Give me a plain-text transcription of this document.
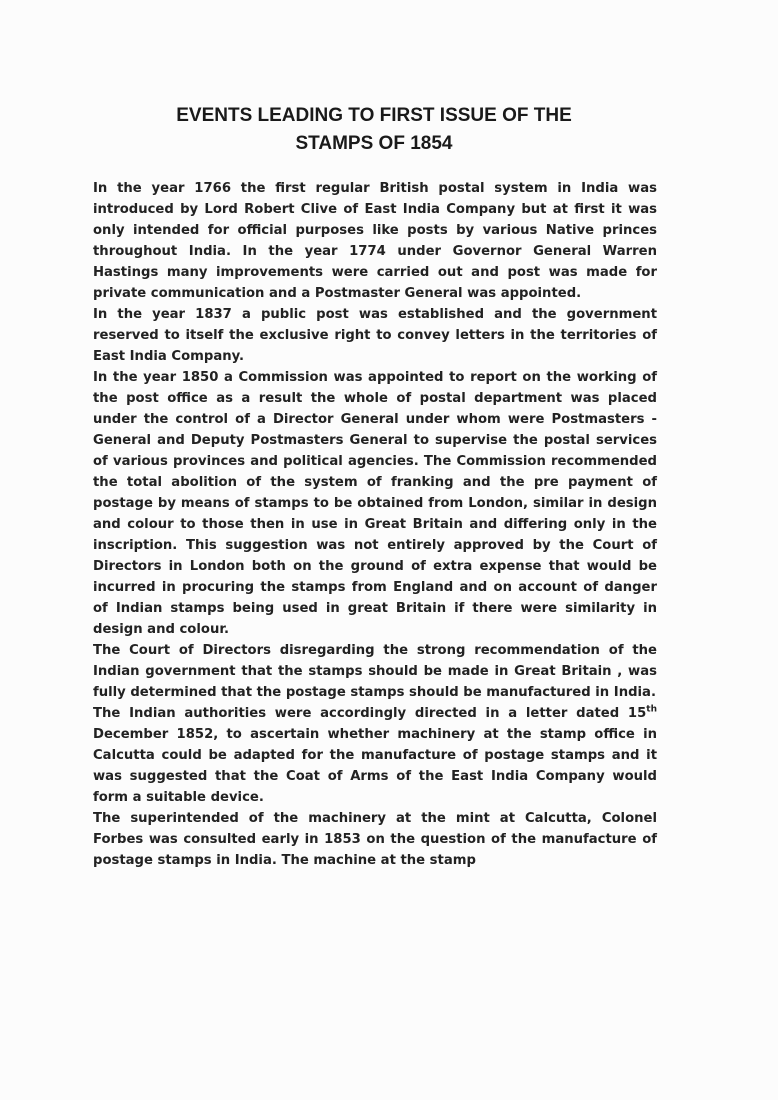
EVENTS LEADING TO FIRST ISSUE OF THE
STAMPS OF 1854

In the year 1766 the first regular British postal system in India was introduced by Lord Robert Clive of East India Company but at first it was only intended for official purposes like posts by various Native princes throughout India. In the year 1774 under Governor General Warren Hastings many improvements were carried out and post was made for private communication and a Postmaster General was appointed.

In the year 1837 a public post was established and the government reserved to itself the exclusive right to convey letters in the territories of East India Company.

In the year 1850 a Commission was appointed to report on the working of the post office as a result the whole of postal department was placed under the control of a Director General under whom were Postmasters - General and Deputy Postmasters General to supervise the postal services of various provinces and political agencies. The Commission recommended the total abolition of the system of franking and the pre payment of postage by means of stamps to be obtained from London, similar in design and colour to those then in use in Great Britain and differing only in the inscription. This suggestion was not entirely approved by the Court of Directors in London both on the ground of extra expense that would be incurred in procuring the stamps from England and on account of danger of Indian stamps being used in great Britain if there were similarity in design and colour.

The Court of Directors disregarding the strong recommendation of the Indian government that the stamps should be made in Great Britain , was fully determined that the postage stamps should be manufactured in India.

The Indian authorities were accordingly directed in a letter dated 15th December 1852, to ascertain whether machinery at the stamp office in Calcutta could be adapted for the manufacture of postage stamps and it was suggested that the Coat of Arms of the East India Company would form a suitable device.

The superintended of the machinery at the mint at Calcutta, Colonel Forbes was consulted early in 1853 on the question of the manufacture of postage stamps in India. The machine at the stamp
